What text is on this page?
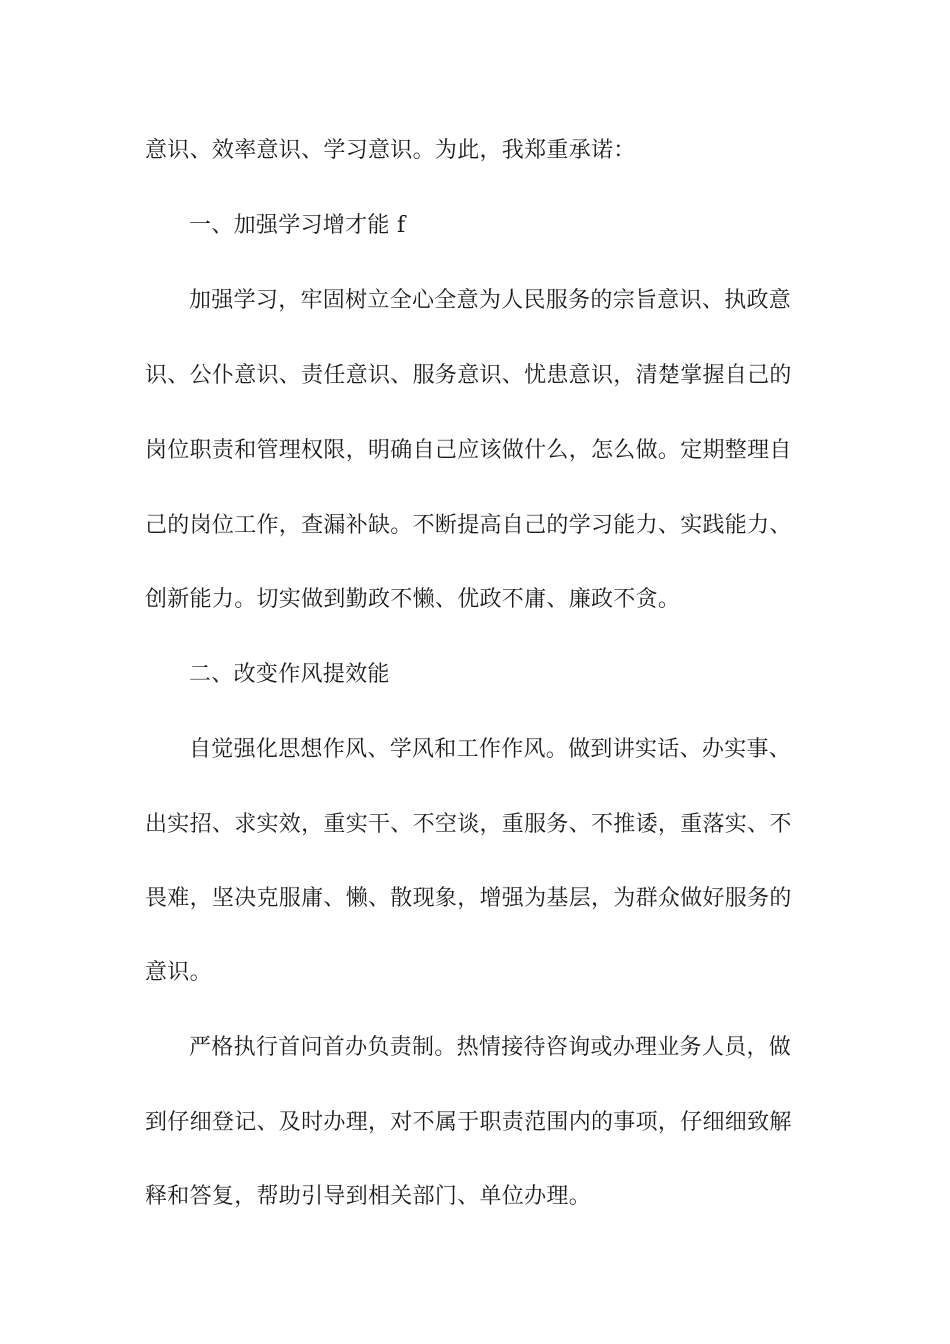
意识、效率意识、学习意识。为此，我郑重承诺：
一、加强学习增才能 f
加强学习，牢固树立全心全意为人民服务的宗旨意识、执政意
识、公仆意识、责任意识、服务意识、忧患意识，清楚掌握自己的
岗位职责和管理权限，明确自己应该做什么，怎么做。定期整理自
己的岗位工作，查漏补缺。不断提高自己的学习能力、实践能力、
创新能力。切实做到勤政不懒、优政不庸、廉政不贪。
二、改变作风提效能
自觉强化思想作风、学风和工作作风。做到讲实话、办实事、
出实招、求实效，重实干、不空谈，重服务、不推诿，重落实、不
畏难，坚决克服庸、懒、散现象，增强为基层，为群众做好服务的
意识。
严格执行首问首办负责制。热情接待咨询或办理业务人员，做
到仔细登记、及时办理，对不属于职责范围内的事项，仔细细致解
释和答复，帮助引导到相关部门、单位办理。
